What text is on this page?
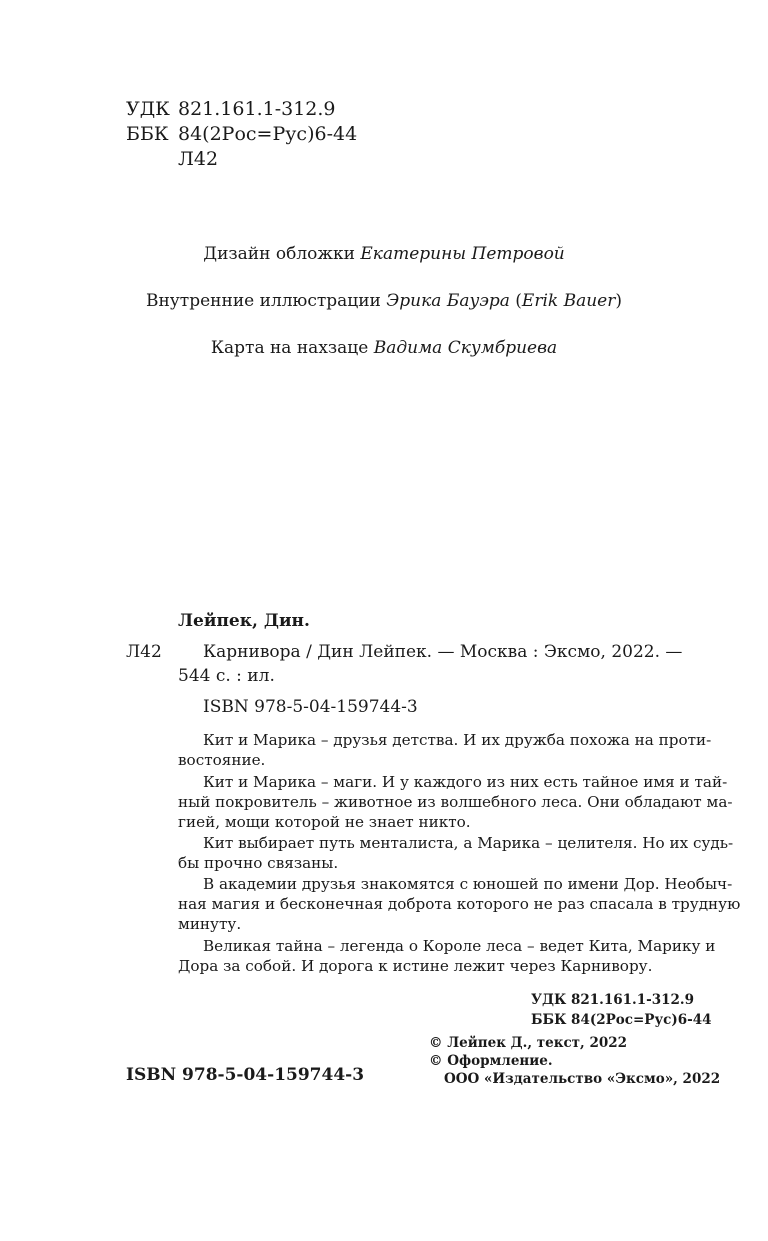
УДК 821.161.1-312.9
ББК 84(2Рос=Рус)6-44
Л42
Дизайн обложки Екатерины Петровой
Внутренние иллюстрации Эрика Бауэра (Erik Bauer)
Карта на нахзаце Вадима Скумбриева
Лейпек, Дин.
Л42 Карнивора / Дин Лейпек. — Москва : Эксмо, 2022. —
544 с. : ил.
ISBN 978-5-04-159744-3
Кит и Марика – друзья детства. И их дружба похожа на проти-
востояние.
Кит и Марика – маги. И у каждого из них есть тайное имя и тай-
ный покровитель – животное из волшебного леса. Они обладают ма-
гией, мощи которой не знает никто.
Кит выбирает путь менталиста, а Марика – целителя. Но их судь-
бы прочно связаны.
В академии друзья знакомятся с юношей по имени Дор. Необыч-
ная магия и бесконечная доброта которого не раз спасала в трудную
минуту.
Великая тайна – легенда о Короле леса – ведет Кита, Марику и
Дора за собой. И дорога к истине лежит через Карнивору.
УДК 821.161.1-312.9
ББК 84(2Рос=Рус)6-44
ISBN 978-5-04-159744-3
© Лейпек Д., текст, 2022
© Оформление.
ООО «Издательство «Эксмо», 2022
